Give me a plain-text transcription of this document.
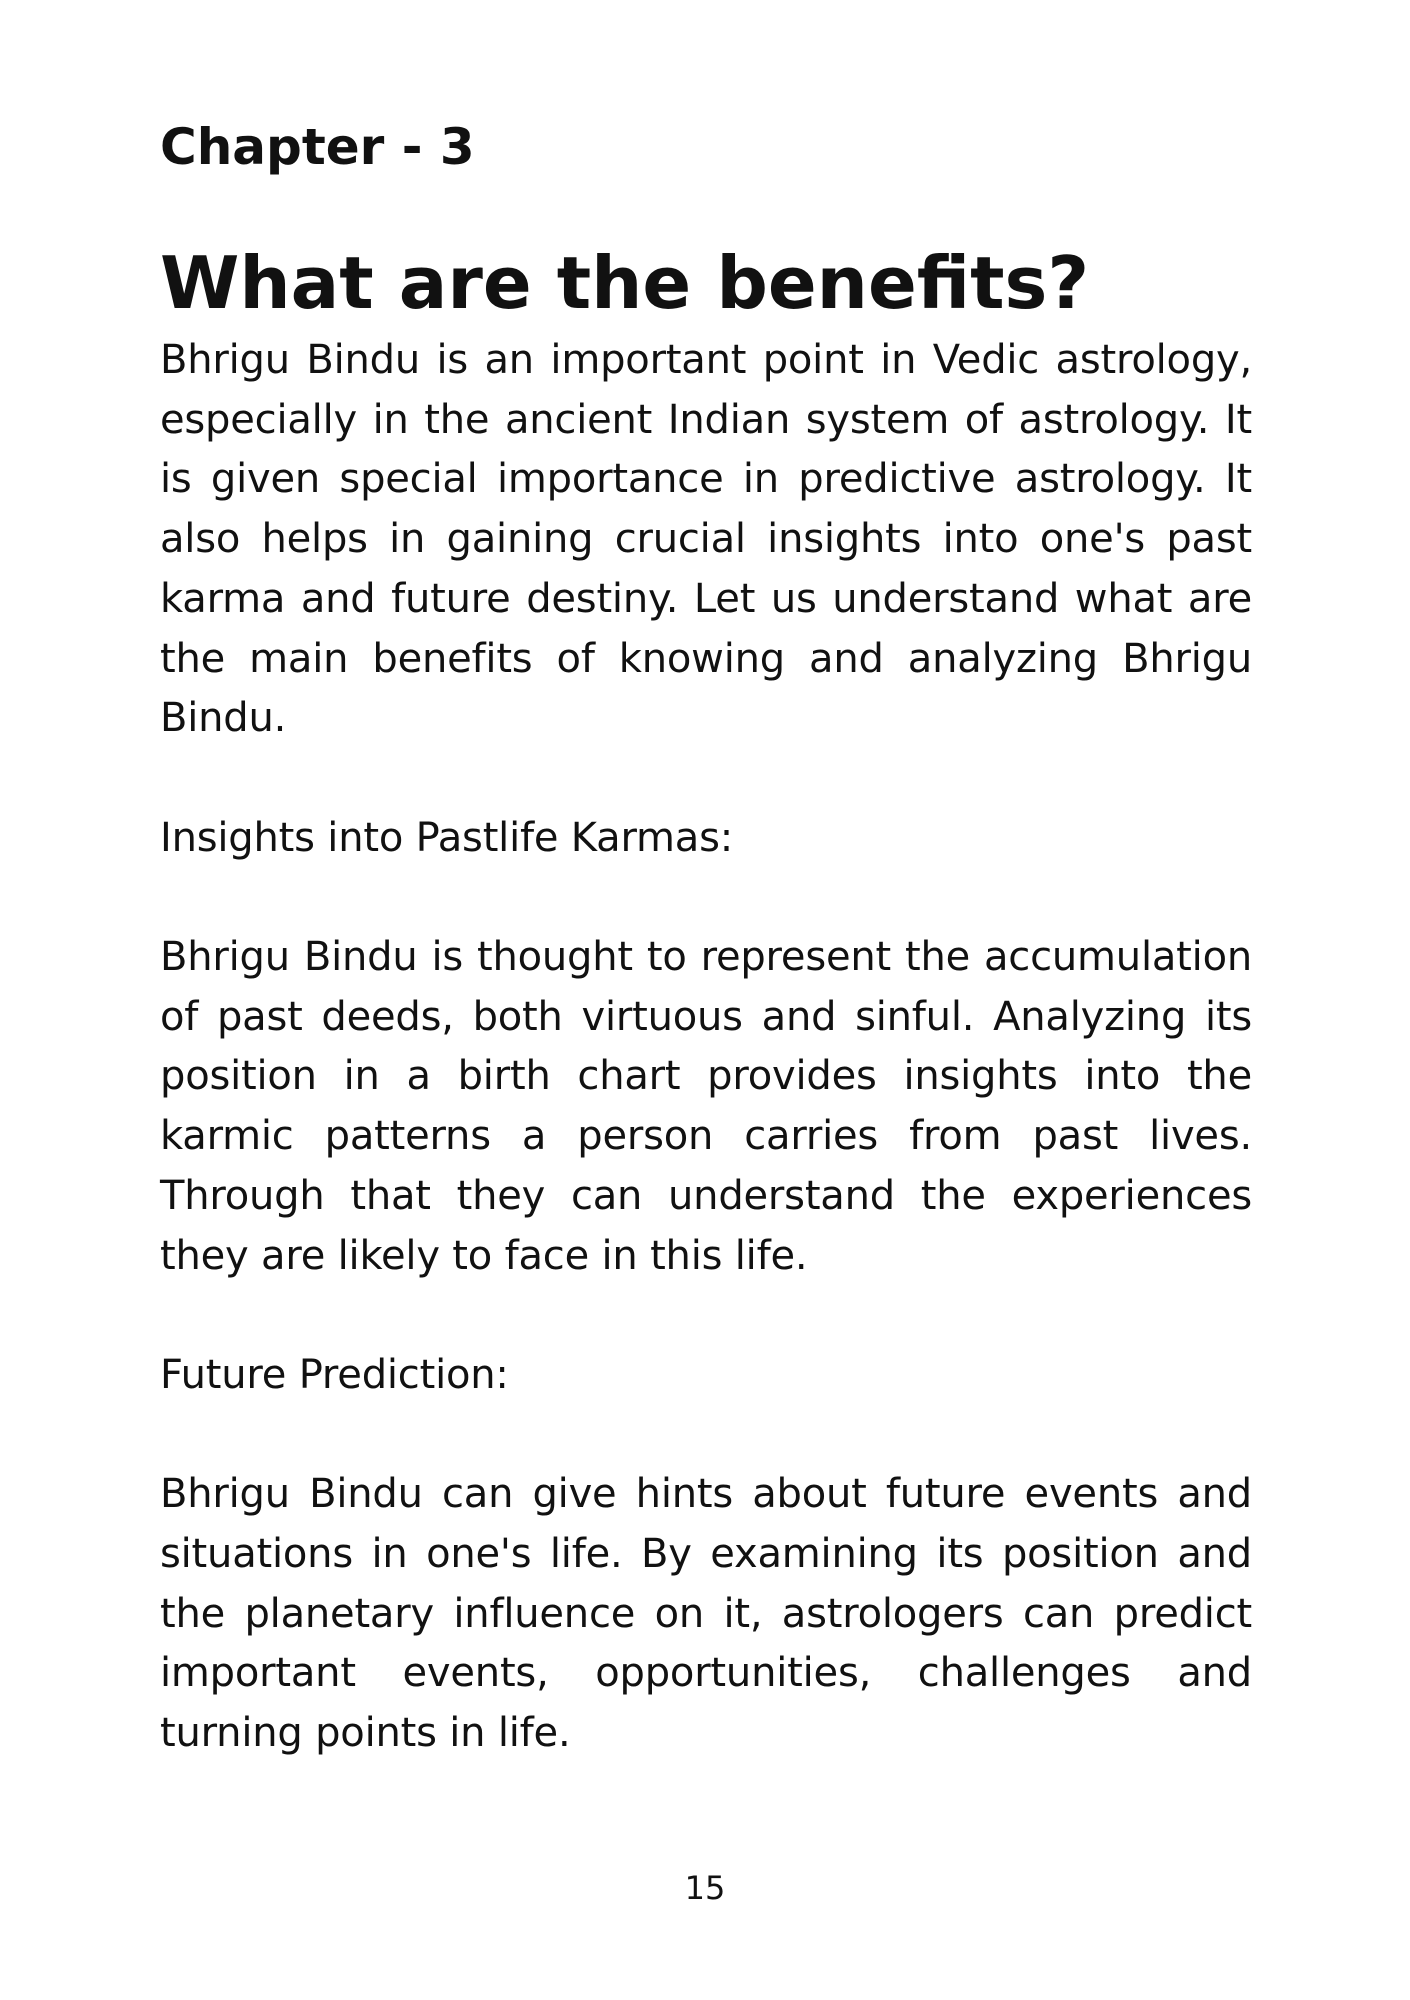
Chapter - 3
What are the benefits?

Bhrigu Bindu is an important point in Vedic astrology, especially in the ancient Indian system of astrology. It is given special importance in predictive astrology. It also helps in gaining crucial insights into one's past karma and future destiny. Let us understand what are the main benefits of knowing and analyzing Bhrigu Bindu.

Insights into Pastlife Karmas:

Bhrigu Bindu is thought to represent the accumulation of past deeds, both virtuous and sinful. Analyzing its position in a birth chart provides insights into the karmic patterns a person carries from past lives. Through that they can understand the experiences they are likely to face in this life.

Future Prediction:

Bhrigu Bindu can give hints about future events and situations in one's life. By examining its position and the planetary influence on it, astrologers can predict important events, opportunities, challenges and turning points in life.

15
